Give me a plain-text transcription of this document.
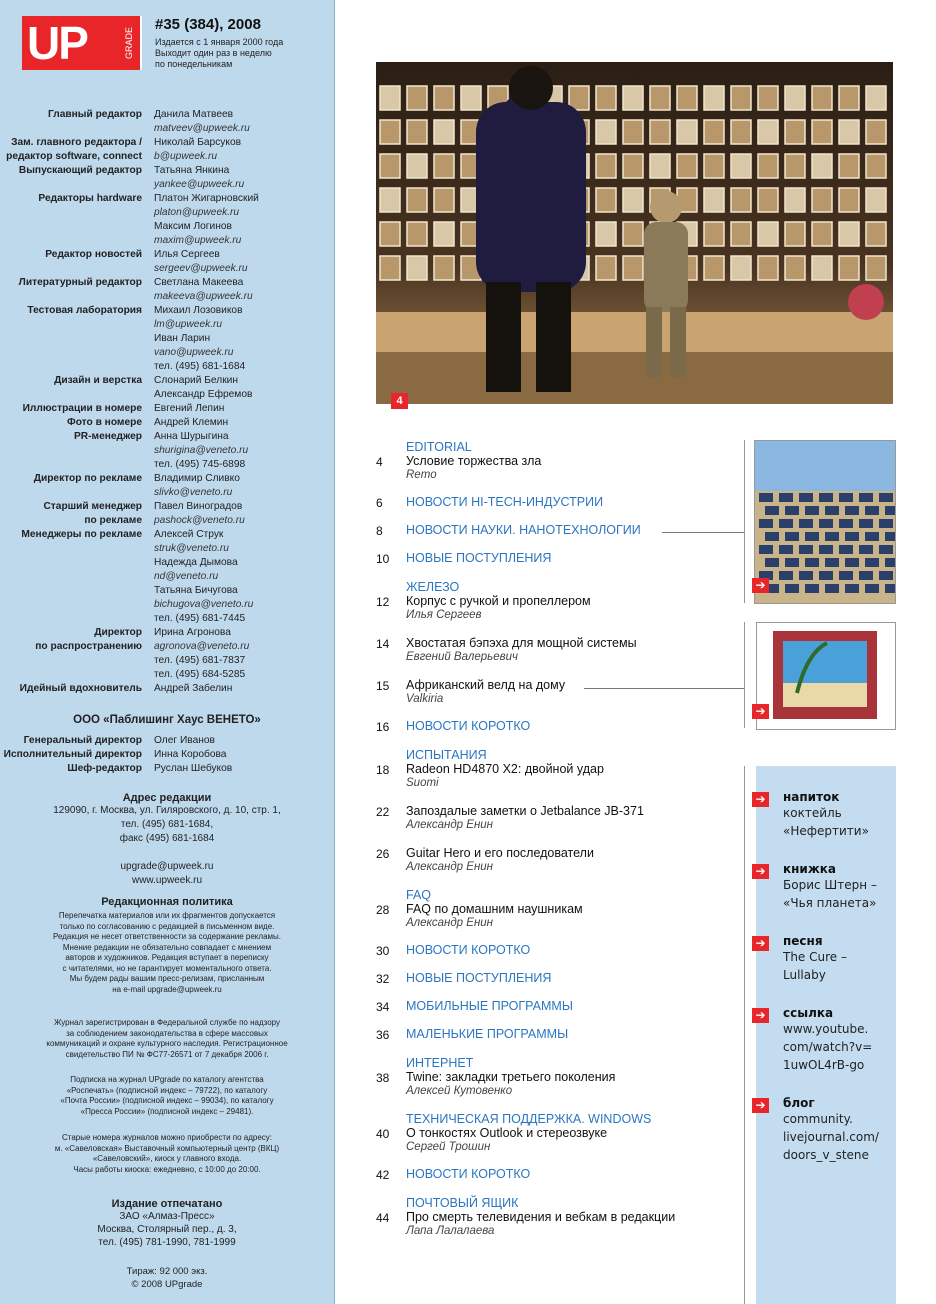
UP	GRADE
#35 (384), 2008
Издается с 1 января 2000 года
Выходит один раз в неделю
по понедельникам
Главный редактор Данила Матвеев
matveev@upweek.ru
Зам. главного редактора /
редактор software, connect
Николай Барсуков
b@upweek.ru
Выпускающий редактор Татьяна Янкина
yankee@upweek.ru
Редакторы hardware Платон Жигарновский
platon@upweek.ru
Максим Логинов
maxim@upweek.ru
Редактор новостей Илья Сергеев
sergeev@upweek.ru
Литературный редактор Светлана Макеева
makeeva@upweek.ru
Тестовая лаборатория Михаил Лозовиков
lm@upweek.ru
Иван Ларин
vano@upweek.ru
тел. (495) 681-1684
Дизайн и верстка Слонарий Белкин
Александр Ефремов
Иллюстрации в номере Евгений Лепин
Фото в номере Андрей Клемин
PR-менеджер Анна Шурыгина
shurigina@veneto.ru
тел. (495) 745-6898
Директор по рекламе Владимир Сливко
slivko@veneto.ru
Старший менеджер
по рекламе
Павел Виноградов
pashock@veneto.ru
Менеджеры по рекламе Алексей Струк
struk@veneto.ru
Надежда Дымова
nd@veneto.ru
Татьяна Бичугова
bichugova@veneto.ru
тел. (495) 681-7445
Директор
по распространению
Ирина Агронова
agronova@veneto.ru
тел. (495) 681-7837
тел. (495) 684-5285
Идейный вдохновитель Андрей Забелин
ООО «Паблишинг Хаус ВЕНЕТО»
Генеральный директор	Олег Иванов
Исполнительный директор	Инна Коробова
Шеф-редактор	Руслан Шебуков
Адрес редакции
129090, г. Москва, ул. Гиляровского, д. 10, стр. 1,
тел. (495) 681-1684,
факс (495) 681-1684

upgrade@upweek.ru
www.upweek.ru
Редакционная политика
Перепечатка материалов или их фрагментов допускается
только по согласованию с редакцией в письменном виде.
Редакция не несет ответственности за содержание рекламы.
Мнение редакции не обязательно совпадает с мнением
авторов и художников. Редакция вступает в переписку
с читателями, но не гарантирует моментального ответа.
Мы будем рады вашим пресс-релизам, присланным
на e-mail upgrade@upweek.ru
Журнал зарегистрирован в Федеральной службе по надзору
за соблюдением законодательства в сфере массовых
коммуникаций и охране культурного наследия. Регистрационное
свидетельство ПИ № ФС77-26571 от 7 декабря 2006 г.
Подписка на журнал UPgrade по каталогу агентства
«Роспечать» (подписной индекс – 79722), по каталогу
«Почта России» (подписной индекс – 99034), по каталогу
«Пресса России» (подписной индекс – 29481).
Старые номера журналов можно приобрести по адресу:
м. «Савеловская» Выставочный компьютерный центр (ВКЦ)
«Савеловский», киоск у главного входа.
Часы работы киоска: ежедневно, с 10:00 до 20:00.
Издание отпечатано
ЗАО «Алмаз-Пресс»
Москва, Столярный пер., д. 3,
тел. (495) 781-1990, 781-1999
Тираж: 92 000 экз.
© 2008 UPgrade
4
EDITORIAL
4	Условие торжества зла
Remo
6	НОВОСТИ HI-TECH-ИНДУСТРИИ
8	НОВОСТИ НАУКИ. НАНОТЕХНОЛОГИИ
10	НОВЫЕ ПОСТУПЛЕНИЯ
ЖЕЛЕЗО
12	Корпус с ручкой и пропеллером
Илья Сергеев
14	Хвостатая бэпэха для мощной системы
Евгений Валерьевич
15	Африканский велд на дому
Valkiria
16	НОВОСТИ КОРОТКО
ИСПЫТАНИЯ
18	Radeon HD4870 X2: двойной удар
Suomi
22	Запоздалые заметки о Jetbalance JB-371
Александр Енин
26	Guitar Hero и его последователи
Александр Енин
FAQ
28	FAQ по домашним наушникам
Александр Енин
30	НОВОСТИ КОРОТКО
32	НОВЫЕ ПОСТУПЛЕНИЯ
34	МОБИЛЬНЫЕ ПРОГРАММЫ
36	МАЛЕНЬКИЕ ПРОГРАММЫ
ИНТЕРНЕТ
38	Twine: закладки третьего поколения
Алексей Кутовенко
ТЕХНИЧЕСКАЯ ПОДДЕРЖКА. WINDOWS
40	О тонкостях Outlook и стереозвуке
Сергей Трошин
42	НОВОСТИ КОРОТКО
ПОЧТОВЫЙ ЯЩИК
44	Про смерть телевидения и вебкам в редакции
Лапа Лалалаева
➔
➔
➔ напиток
коктейль
«Нефертити»
➔ книжка
Борис Штерн –
«Чья планета»
➔ песня
The Cure –
Lullaby
➔ ссылка
www.youtube.
com/watch?v=
1uwOL4rB-go
➔ блог
community.
livejournal.com/
doors_v_stene
